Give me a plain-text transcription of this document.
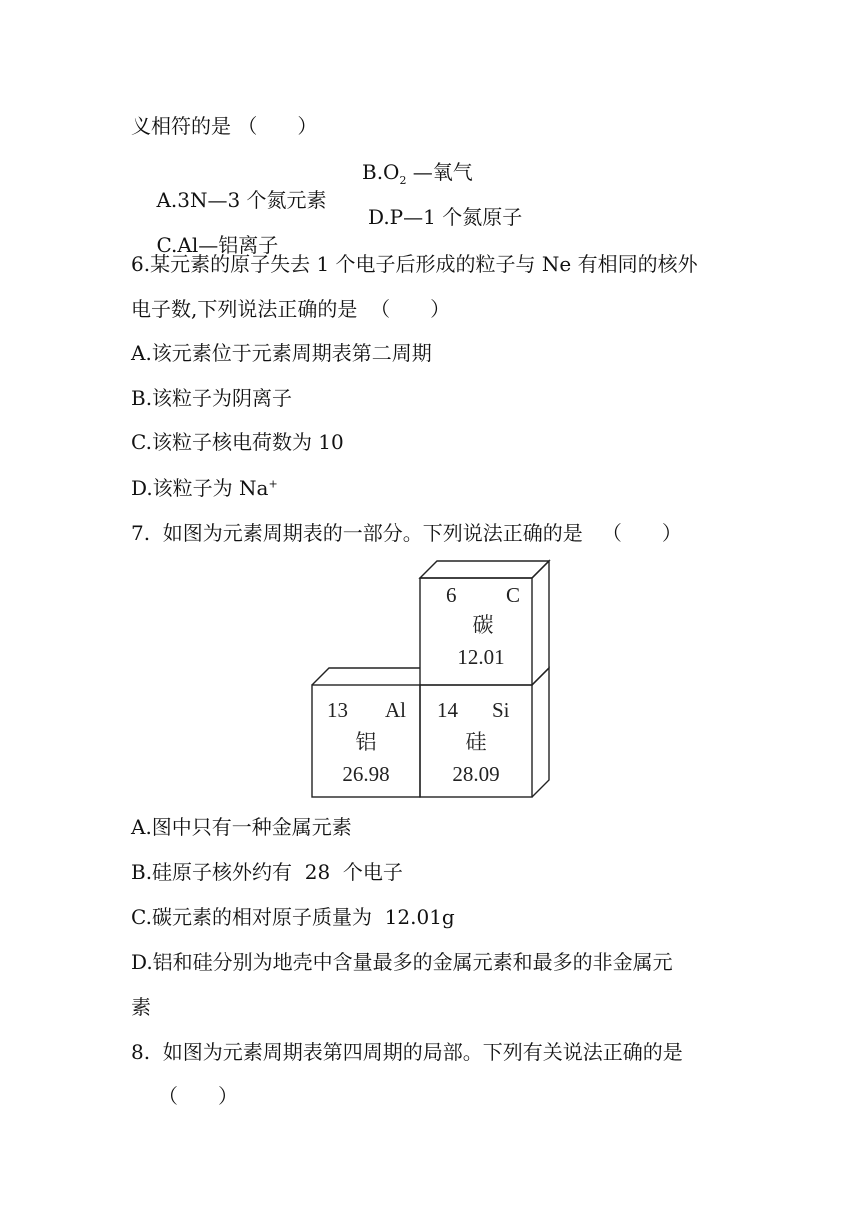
义相符的是 （　　）

A.3N—3 个氮元素

$B.O_2$ —氧气

C.Al—铝离子

D.P—1 个氮原子

6.某元素的原子失去 1 个电子后形成的粒子与 Ne 有相同的核外

电子数,下列说法正确的是  （　　）

A.该元素位于元素周期表第二周期

B.该粒子为阴离子

C.该粒子核电荷数为 10

D.该粒子为 Na+

7.  如图为元素周期表的一部分。下列说法正确的是   （　　）

6 C
碳
12.01
13 Al
铝
26.98
14 Si
硅
28.09

A.图中只有一种金属元素

B.硅原子核外约有  28  个电子

C.碳元素的相对原子质量为  12.01g

D.铝和硅分别为地壳中含量最多的金属元素和最多的非金属元

素

8.  如图为元素周期表第四周期的局部。下列有关说法正确的是

（　　）
